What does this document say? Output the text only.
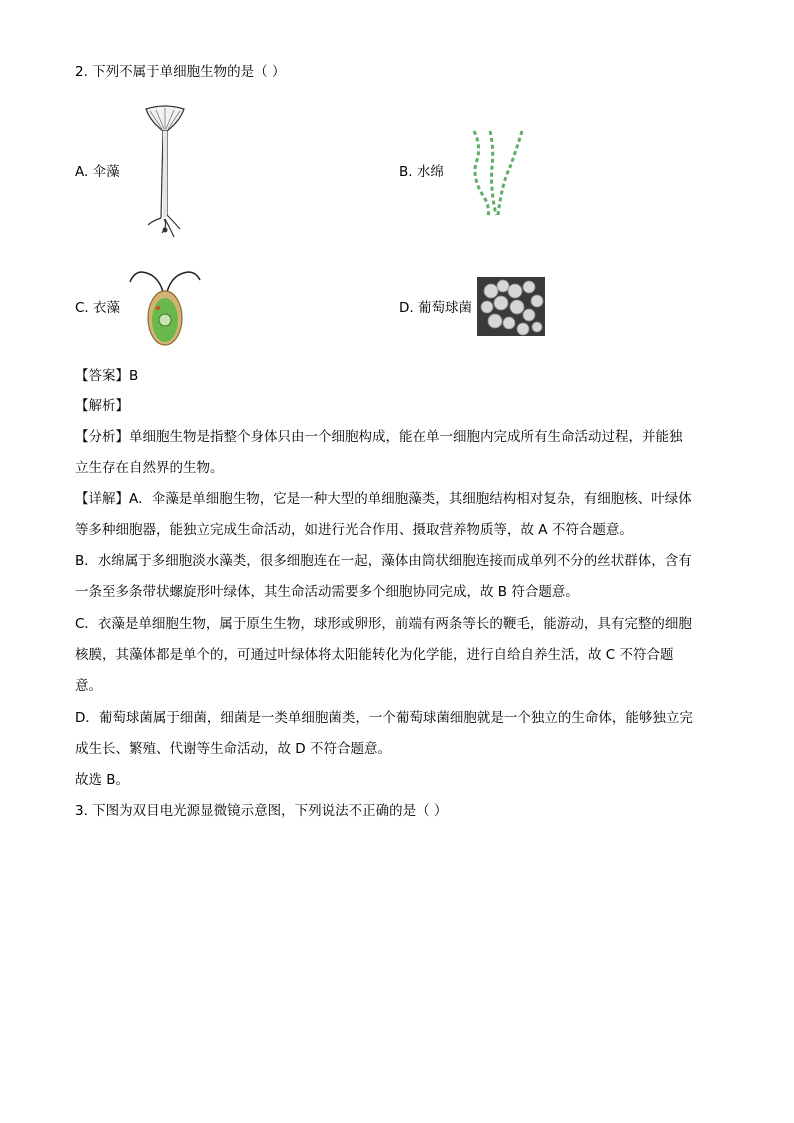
2. 下列不属于单细胞生物的是（ ）
A. 伞藻	B. 水绵
C. 衣藻	D. 葡萄球菌
【答案】B
【解析】
【分析】单细胞生物是指整个身体只由一个细胞构成，能在单一细胞内完成所有生命活动过程，并能独
立生存在自然界的生物。
【详解】A．伞藻是单细胞生物，它是一种大型的单细胞藻类，其细胞结构相对复杂，有细胞核、叶绿体
等多种细胞器，能独立完成生命活动，如进行光合作用、摄取营养物质等，故 A 不符合题意。
B．水绵属于多细胞淡水藻类，很多细胞连在一起，藻体由筒状细胞连接而成单列不分的丝状群体，含有
一条至多条带状螺旋形叶绿体，其生命活动需要多个细胞协同完成，故 B 符合题意。
C．衣藻是单细胞生物，属于原生生物，球形或卵形，前端有两条等长的鞭毛，能游动，具有完整的细胞
核膜，其藻体都是单个的，可通过叶绿体将太阳能转化为化学能，进行自给自养生活，故 C 不符合题
意。
D．葡萄球菌属于细菌，细菌是一类单细胞菌类，一个葡萄球菌细胞就是一个独立的生命体，能够独立完
成生长、繁殖、代谢等生命活动，故 D 不符合题意。
故选 B。
3. 下图为双目电光源显微镜示意图，下列说法不正确的是（ ）
